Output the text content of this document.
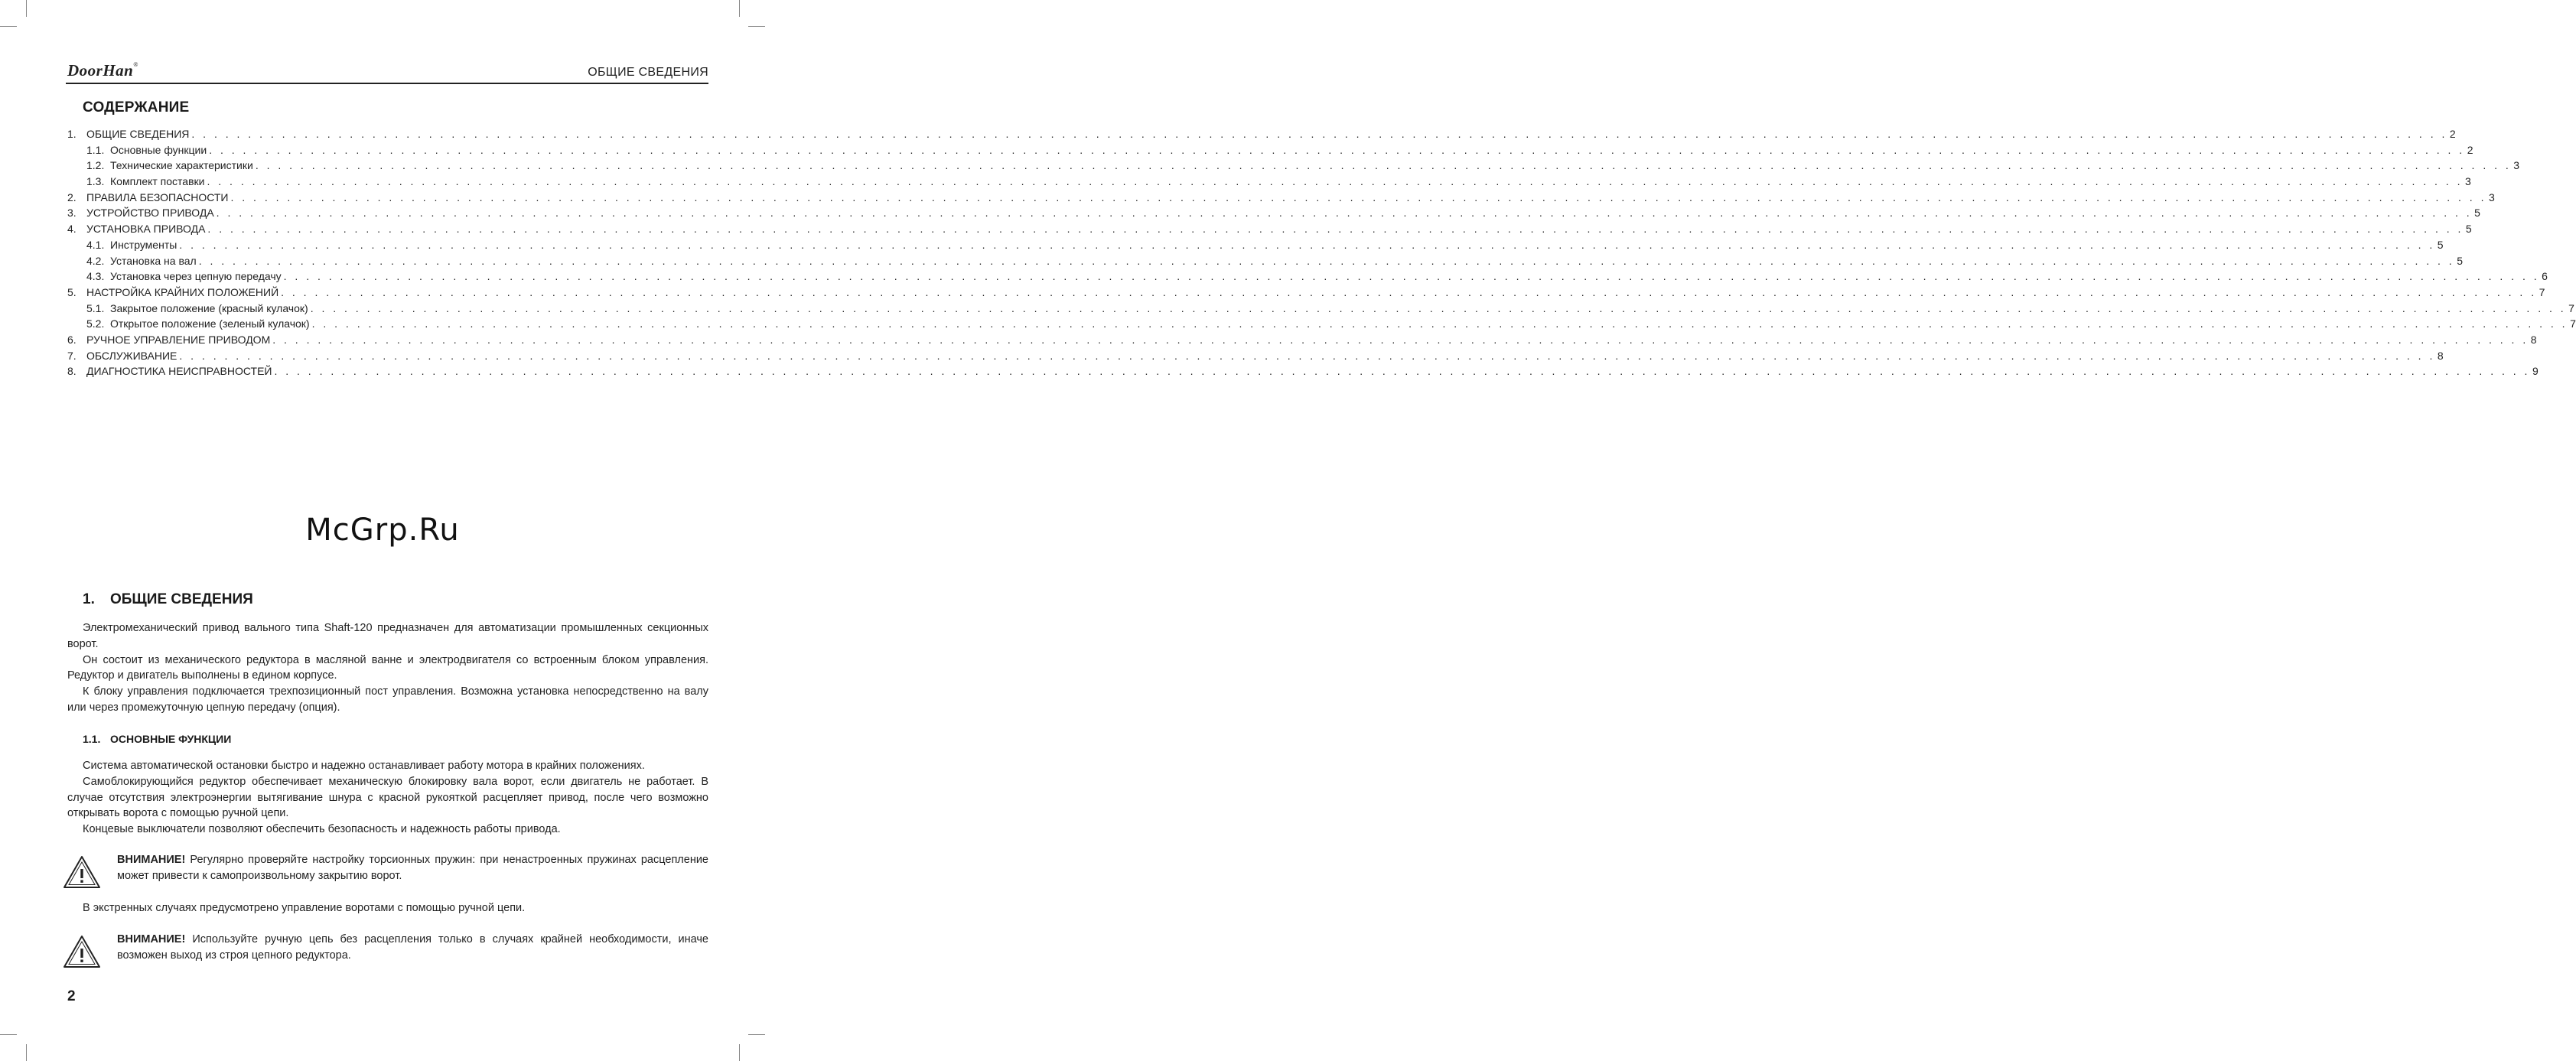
DoorHan®
ОБЩИЕ СВЕДЕНИЯ
СОДЕРЖАНИЕ
1. ОБЩИЕ СВЕДЕНИЯ . . . . . . . . . . . . . . . . . . . . . . . . . . . . . . . . . . . . . . . . . . . . . . . . . . . . . . . . . . . . . . . . . . . . . . . . . . . . . . . . . . . . . . . . . . . . . . . . . . . . . . . . . . . . . . . . . . . . . . . . . . . . . . . . . . . . . . . . . . . . . . . . . . . . . . . . . . . . . . . . . . . . . . . . . . . . . . . . . . . . . . . . . . . . . . . . . . . . . . . . 2
1.1. Основные функции . . . . . . . . . . . . . . . . . . . . . . . . . . . . . . . . . . . . . . . . . . . . . . . . . . . . . . . . . . . . . . . . . . . . . . . . . . . . . . . . . . . . . . . . . . . . . . . . . . . . . . . . . . . . . . . . . . . . . . . . . . . . . . . . . . . . . . . . . . . . . . . . . . . . . . . . . . . . . . . . . . . . . . . . . . . . . . . . . . . . . . . . . . . . . . . . . . . . . . . . 2
1.2. Технические характеристики . . . . . . . . . . . . . . . . . . . . . . . . . . . . . . . . . . . . . . . . . . . . . . . . . . . . . . . . . . . . . . . . . . . . . . . . . . . . . . . . . . . . . . . . . . . . . . . . . . . . . . . . . . . . . . . . . . . . . . . . . . . . . . . . . . . . . . . . . . . . . . . . . . . . . . . . . . . . . . . . . . . . . . . . . . . . . . . . . . . . . . . . . . . . . . . . . . . . . . . . 3
1.3. Комплект поставки . . . . . . . . . . . . . . . . . . . . . . . . . . . . . . . . . . . . . . . . . . . . . . . . . . . . . . . . . . . . . . . . . . . . . . . . . . . . . . . . . . . . . . . . . . . . . . . . . . . . . . . . . . . . . . . . . . . . . . . . . . . . . . . . . . . . . . . . . . . . . . . . . . . . . . . . . . . . . . . . . . . . . . . . . . . . . . . . . . . . . . . . . . . . . . . . . . . . . . . . 3
2. ПРАВИЛА БЕЗОПАСНОСТИ . . . . . . . . . . . . . . . . . . . . . . . . . . . . . . . . . . . . . . . . . . . . . . . . . . . . . . . . . . . . . . . . . . . . . . . . . . . . . . . . . . . . . . . . . . . . . . . . . . . . . . . . . . . . . . . . . . . . . . . . . . . . . . . . . . . . . . . . . . . . . . . . . . . . . . . . . . . . . . . . . . . . . . . . . . . . . . . . . . . . . . . . . . . . . . . . . . . . . . . . 3
3. УСТРОЙСТВО ПРИВОДА . . . . . . . . . . . . . . . . . . . . . . . . . . . . . . . . . . . . . . . . . . . . . . . . . . . . . . . . . . . . . . . . . . . . . . . . . . . . . . . . . . . . . . . . . . . . . . . . . . . . . . . . . . . . . . . . . . . . . . . . . . . . . . . . . . . . . . . . . . . . . . . . . . . . . . . . . . . . . . . . . . . . . . . . . . . . . . . . . . . . . . . . . . . . . . . . . . . . . . . . 5
4. УСТАНОВКА ПРИВОДА . . . . . . . . . . . . . . . . . . . . . . . . . . . . . . . . . . . . . . . . . . . . . . . . . . . . . . . . . . . . . . . . . . . . . . . . . . . . . . . . . . . . . . . . . . . . . . . . . . . . . . . . . . . . . . . . . . . . . . . . . . . . . . . . . . . . . . . . . . . . . . . . . . . . . . . . . . . . . . . . . . . . . . . . . . . . . . . . . . . . . . . . . . . . . . . . . . . . . . . . 5
4.1. Инструменты . . . . . . . . . . . . . . . . . . . . . . . . . . . . . . . . . . . . . . . . . . . . . . . . . . . . . . . . . . . . . . . . . . . . . . . . . . . . . . . . . . . . . . . . . . . . . . . . . . . . . . . . . . . . . . . . . . . . . . . . . . . . . . . . . . . . . . . . . . . . . . . . . . . . . . . . . . . . . . . . . . . . . . . . . . . . . . . . . . . . . . . . . . . . . . . . . . . . . . . . 5
4.2. Установка на вал . . . . . . . . . . . . . . . . . . . . . . . . . . . . . . . . . . . . . . . . . . . . . . . . . . . . . . . . . . . . . . . . . . . . . . . . . . . . . . . . . . . . . . . . . . . . . . . . . . . . . . . . . . . . . . . . . . . . . . . . . . . . . . . . . . . . . . . . . . . . . . . . . . . . . . . . . . . . . . . . . . . . . . . . . . . . . . . . . . . . . . . . . . . . . . . . . . . . . . . . 5
4.3. Установка через цепную передачу . . . . . . . . . . . . . . . . . . . . . . . . . . . . . . . . . . . . . . . . . . . . . . . . . . . . . . . . . . . . . . . . . . . . . . . . . . . . . . . . . . . . . . . . . . . . . . . . . . . . . . . . . . . . . . . . . . . . . . . . . . . . . . . . . . . . . . . . . . . . . . . . . . . . . . . . . . . . . . . . . . . . . . . . . . . . . . . . . . . . . . . . . . . . . . . . . . . . . . . . 6
5. НАСТРОЙКА КРАЙНИХ ПОЛОЖЕНИЙ . . . . . . . . . . . . . . . . . . . . . . . . . . . . . . . . . . . . . . . . . . . . . . . . . . . . . . . . . . . . . . . . . . . . . . . . . . . . . . . . . . . . . . . . . . . . . . . . . . . . . . . . . . . . . . . . . . . . . . . . . . . . . . . . . . . . . . . . . . . . . . . . . . . . . . . . . . . . . . . . . . . . . . . . . . . . . . . . . . . . . . . . . . . . . . . . . . . . . . . . 7
5.1. Закрытое положение (красный кулачок) . . . . . . . . . . . . . . . . . . . . . . . . . . . . . . . . . . . . . . . . . . . . . . . . . . . . . . . . . . . . . . . . . . . . . . . . . . . . . . . . . . . . . . . . . . . . . . . . . . . . . . . . . . . . . . . . . . . . . . . . . . . . . . . . . . . . . . . . . . . . . . . . . . . . . . . . . . . . . . . . . . . . . . . . . . . . . . . . . . . . . . . . . . . . . . . . . . . . . . . . 7
5.2. Открытое положение (зеленый кулачок) . . . . . . . . . . . . . . . . . . . . . . . . . . . . . . . . . . . . . . . . . . . . . . . . . . . . . . . . . . . . . . . . . . . . . . . . . . . . . . . . . . . . . . . . . . . . . . . . . . . . . . . . . . . . . . . . . . . . . . . . . . . . . . . . . . . . . . . . . . . . . . . . . . . . . . . . . . . . . . . . . . . . . . . . . . . . . . . . . . . . . . . . . . . . . . . . . . . . . . . . 7
6. РУЧНОЕ УПРАВЛЕНИЕ ПРИВОДОМ . . . . . . . . . . . . . . . . . . . . . . . . . . . . . . . . . . . . . . . . . . . . . . . . . . . . . . . . . . . . . . . . . . . . . . . . . . . . . . . . . . . . . . . . . . . . . . . . . . . . . . . . . . . . . . . . . . . . . . . . . . . . . . . . . . . . . . . . . . . . . . . . . . . . . . . . . . . . . . . . . . . . . . . . . . . . . . . . . . . . . . . . . . . . . . . . . . . . . . . . 8
7. ОБСЛУЖИВАНИЕ . . . . . . . . . . . . . . . . . . . . . . . . . . . . . . . . . . . . . . . . . . . . . . . . . . . . . . . . . . . . . . . . . . . . . . . . . . . . . . . . . . . . . . . . . . . . . . . . . . . . . . . . . . . . . . . . . . . . . . . . . . . . . . . . . . . . . . . . . . . . . . . . . . . . . . . . . . . . . . . . . . . . . . . . . . . . . . . . . . . . . . . . . . . . . . . . . . . . . . . . 8
8. ДИАГНОСТИКА НЕИСПРАВНОСТЕЙ . . . . . . . . . . . . . . . . . . . . . . . . . . . . . . . . . . . . . . . . . . . . . . . . . . . . . . . . . . . . . . . . . . . . . . . . . . . . . . . . . . . . . . . . . . . . . . . . . . . . . . . . . . . . . . . . . . . . . . . . . . . . . . . . . . . . . . . . . . . . . . . . . . . . . . . . . . . . . . . . . . . . . . . . . . . . . . . . . . . . . . . . . . . . . . . . . . . . . . . . 9
McGrp.Ru
1. ОБЩИЕ СВЕДЕНИЯ

Электромеханический привод вального типа Shaft-120 предназначен для автоматизации промышленных секционных ворот.

Он состоит из механического редуктора в масляной ванне и электродвигателя со встроенным блоком управления. Редуктор и двигатель выполнены в едином корпусе.

К блоку управления подключается трехпозиционный пост управления. Возможна установка непосредственно на валу или через промежуточную цепную передачу (опция).

1.1. ОСНОВНЫЕ ФУНКЦИИ

Система автоматической остановки быстро и надежно останавливает работу мотора в крайних положениях.

Самоблокирующийся редуктор обеспечивает механическую блокировку вала ворот, если двигатель не работает. В случае отсутствия электроэнергии вытягивание шнура с красной рукояткой расцепляет привод, после чего возможно открывать ворота с помощью ручной цепи.

Концевые выключатели позволяют обеспечить безопасность и надежность работы привода.

ВНИМАНИЕ! Регулярно проверяйте настройку торсионных пружин: при ненастроенных пружинах расцепление может привести к самопроизвольному закрытию ворот.

В экстренных случаях предусмотрено управление воротами с помощью ручной цепи.

ВНИМАНИЕ! Используйте ручную цепь без расцепления только в случаях крайней необходимости, иначе возможен выход из строя цепного редуктора.
2
